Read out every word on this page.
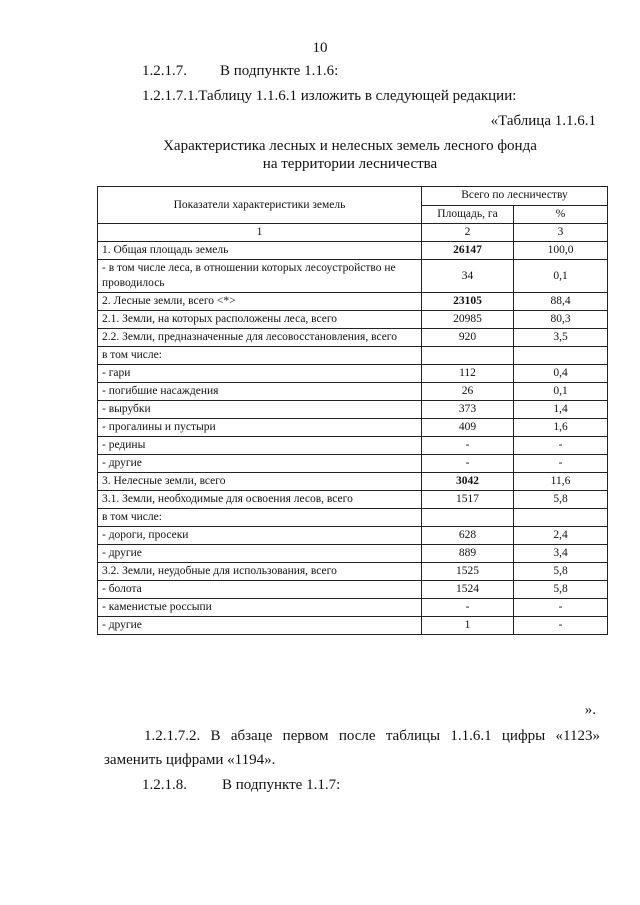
10
1.2.1.7. В подпункте 1.1.6:
1.2.1.7.1.Таблицу 1.1.6.1 изложить в следующей редакции:
«Таблица 1.1.6.1
Характеристика лесных и нелесных земель лесного фонда
на территории лесничества
Показатели характеристики земель	Всего по лесничеству	
	Площадь, га	%
1	2	3
1. Общая площадь земель	26147	100,0
- в том числе леса, в отношении которых лесоустройство не проводилось	34	0,1
2. Лесные земли, всего <*>	23105	88,4
2.1. Земли, на которых расположены леса, всего	20985	80,3
2.2. Земли, предназначенные для лесовосстановления, всего	920	3,5
в том числе:		
- гари	112	0,4
- погибшие насаждения	26	0,1
- вырубки	373	1,4
- прогалины и пустыри	409	1,6
- редины	-	-
- другие	-	-
3. Нелесные земли, всего	3042	11,6
3.1. Земли, необходимые для освоения лесов, всего	1517	5,8
в том числе:		
- дороги, просеки	628	2,4
- другие	889	3,4
3.2. Земли, неудобные для использования, всего	1525	5,8
- болота	1524	5,8
- каменистые россыпи	-	-
- другие	1	-
».
1.2.1.7.2. В абзаце первом после таблицы 1.1.6.1 цифры «1123»
заменить цифрами «1194».
1.2.1.8. В подпункте 1.1.7:
